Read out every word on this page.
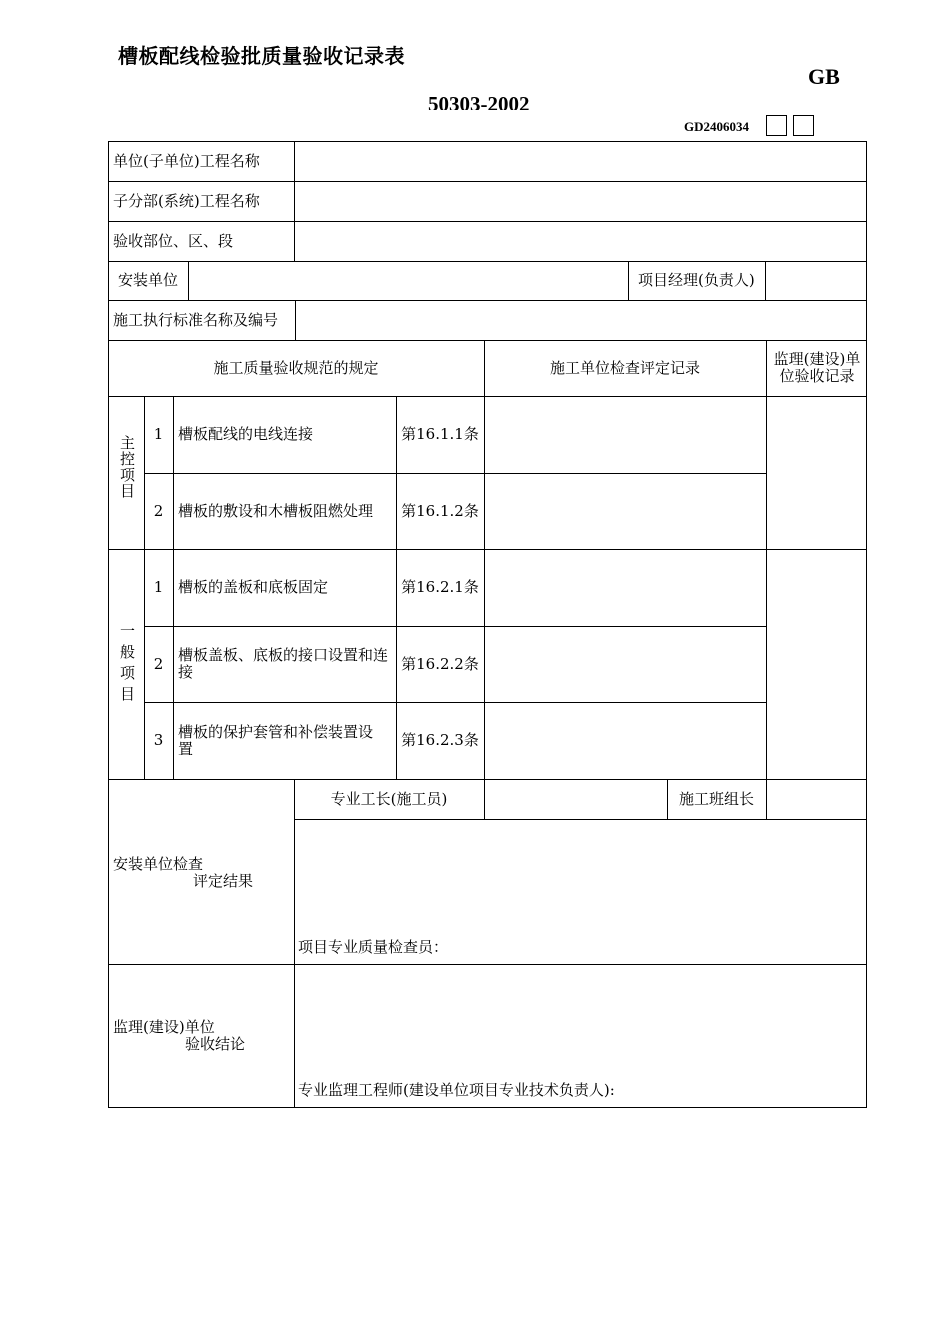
槽板配线检验批质量验收记录表
GB
50303-2002
GD2406034
单位(子单位)工程名称
子分部(系统)工程名称
验收部位、区、段
安装单位	项目经理(负责人)
施工执行标准名称及编号
施工质量验收规范的规定	施工单位检查评定记录	监理(建设)单位验收记录
主控项目
1 槽板配线的电线连接	第16.1.1条
2 槽板的敷设和木槽板阻燃处理	第16.1.2条
一般项目
1 槽板的盖板和底板固定	第16.2.1条
2 槽板盖板、底板的接口设置和连接	第16.2.2条
3 槽板的保护套管和补偿装置设置	第16.2.3条
安装单位检查
评定结果
专业工长(施工员)	施工班组长
项目专业质量检查员：
监理(建设)单位
验收结论
专业监理工程师(建设单位项目专业技术负责人):
